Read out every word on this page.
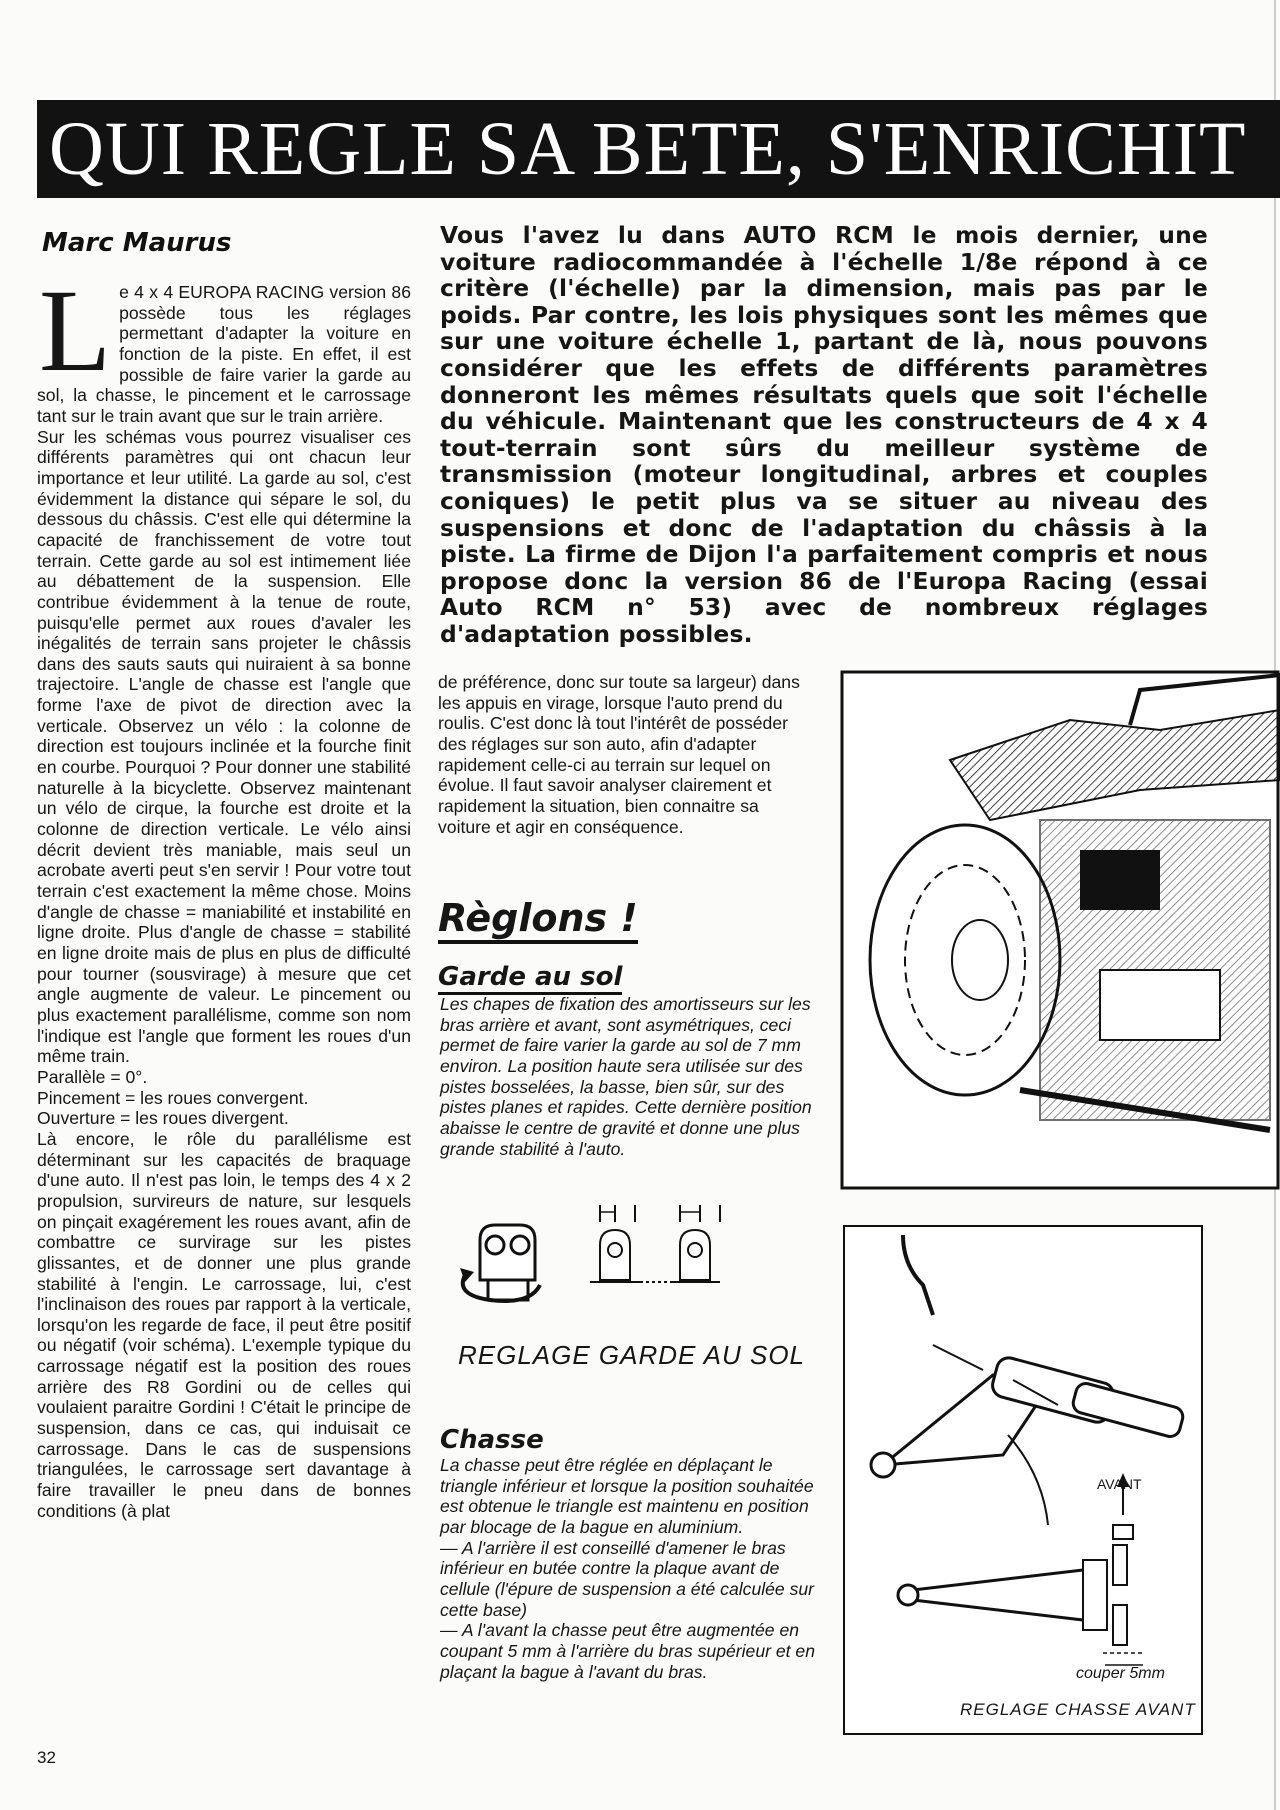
QUI REGLE SA BETE, S'ENRICHIT
Marc Maurus
L e 4 x 4 EUROPA RACING version 86 possède tous les réglages permettant d'adapter la voiture en fonction de la piste. En effet, il est possible de faire varier la garde au sol, la chasse, le pincement et le carrossage tant sur le train avant que sur le train arrière.
Sur les schémas vous pourrez visualiser ces différents paramètres qui ont chacun leur importance et leur utilité. La garde au sol, c'est évidemment la distance qui sépare le sol, du dessous du châssis. C'est elle qui détermine la capacité de franchissement de votre tout terrain. Cette garde au sol est intimement liée au débattement de la suspension. Elle contribue évidemment à la tenue de route, puisqu'elle permet aux roues d'avaler les inégalités de terrain sans projeter le châssis dans des sauts sauts qui nuiraient à sa bonne trajectoire. L'angle de chasse est l'angle que forme l'axe de pivot de direction avec la verticale. Observez un vélo : la colonne de direction est toujours inclinée et la fourche finit en courbe. Pourquoi ? Pour donner une stabilité naturelle à la bicyclette. Observez maintenant un vélo de cirque, la fourche est droite et la colonne de direction verticale. Le vélo ainsi décrit devient très maniable, mais seul un acrobate averti peut s'en servir ! Pour votre tout terrain c'est exactement la même chose. Moins d'angle de chasse = maniabilité et instabilité en ligne droite. Plus d'angle de chasse = stabilité en ligne droite mais de plus en plus de difficulté pour tourner (sousvirage) à mesure que cet angle augmente de valeur. Le pincement ou plus exactement parallélisme, comme son nom l'indique est l'angle que forment les roues d'un même train.
Parallèle = 0°.
Pincement = les roues convergent.
Ouverture = les roues divergent.
Là encore, le rôle du parallélisme est déterminant sur les capacités de braquage d'une auto. Il n'est pas loin, le temps des 4 x 2 propulsion, survireurs de nature, sur lesquels on pinçait exagérement les roues avant, afin de combattre ce survirage sur les pistes glissantes, et de donner une plus grande stabilité à l'engin. Le carrossage, lui, c'est l'inclinaison des roues par rapport à la verticale, lorsqu'on les regarde de face, il peut être positif ou négatif (voir schéma). L'exemple typique du carrossage négatif est la position des roues arrière des R8 Gordini ou de celles qui voulaient paraitre Gordini ! C'était le principe de suspension, dans ce cas, qui induisait ce carrossage. Dans le cas de suspensions triangulées, le carrossage sert davantage à faire travailler le pneu dans de bonnes conditions (à plat
Vous l'avez lu dans AUTO RCM le mois dernier, une voiture radiocommandée à l'échelle 1/8e répond à ce critère (l'échelle) par la dimension, mais pas par le poids. Par contre, les lois physiques sont les mêmes que sur une voiture échelle 1, partant de là, nous pouvons considérer que les effets de différents paramètres donneront les mêmes résultats quels que soit l'échelle du véhicule. Maintenant que les constructeurs de 4 x 4 tout-terrain sont sûrs du meilleur système de transmission (moteur longitudinal, arbres et couples coniques) le petit plus va se situer au niveau des suspensions et donc de l'adaptation du châssis à la piste. La firme de Dijon l'a parfaitement compris et nous propose donc la version 86 de l'Europa Racing (essai Auto RCM n° 53) avec de nombreux réglages d'adaptation possibles.
de préférence, donc sur toute sa largeur) dans les appuis en virage, lorsque l'auto prend du roulis. C'est donc là tout l'intérêt de posséder des réglages sur son auto, afin d'adapter rapidement celle-ci au terrain sur lequel on évolue. Il faut savoir analyser clairement et rapidement la situation, bien connaitre sa voiture et agir en conséquence.
Règlons !
Garde au sol
Les chapes de fixation des amortisseurs sur les bras arrière et avant, sont asymétriques, ceci permet de faire varier la garde au sol de 7 mm environ. La position haute sera utilisée sur des pistes bosselées, la basse, bien sûr, sur des pistes planes et rapides. Cette dernière position abaisse le centre de gravité et donne une plus grande stabilité à l'auto.
REGLAGE GARDE AU SOL
Chasse
La chasse peut être réglée en déplaçant le triangle inférieur et lorsque la position souhaitée est obtenue le triangle est maintenu en position par blocage de la bague en aluminium.
— A l'arrière il est conseillé d'amener le bras inférieur en butée contre la plaque avant de cellule (l'épure de suspension a été calculée sur cette base)
— A l'avant la chasse peut être augmentée en coupant 5 mm à l'arrière du bras supérieur et en plaçant la bague à l'avant du bras.
AVANT
couper 5mm
REGLAGE CHASSE AVANT
32
